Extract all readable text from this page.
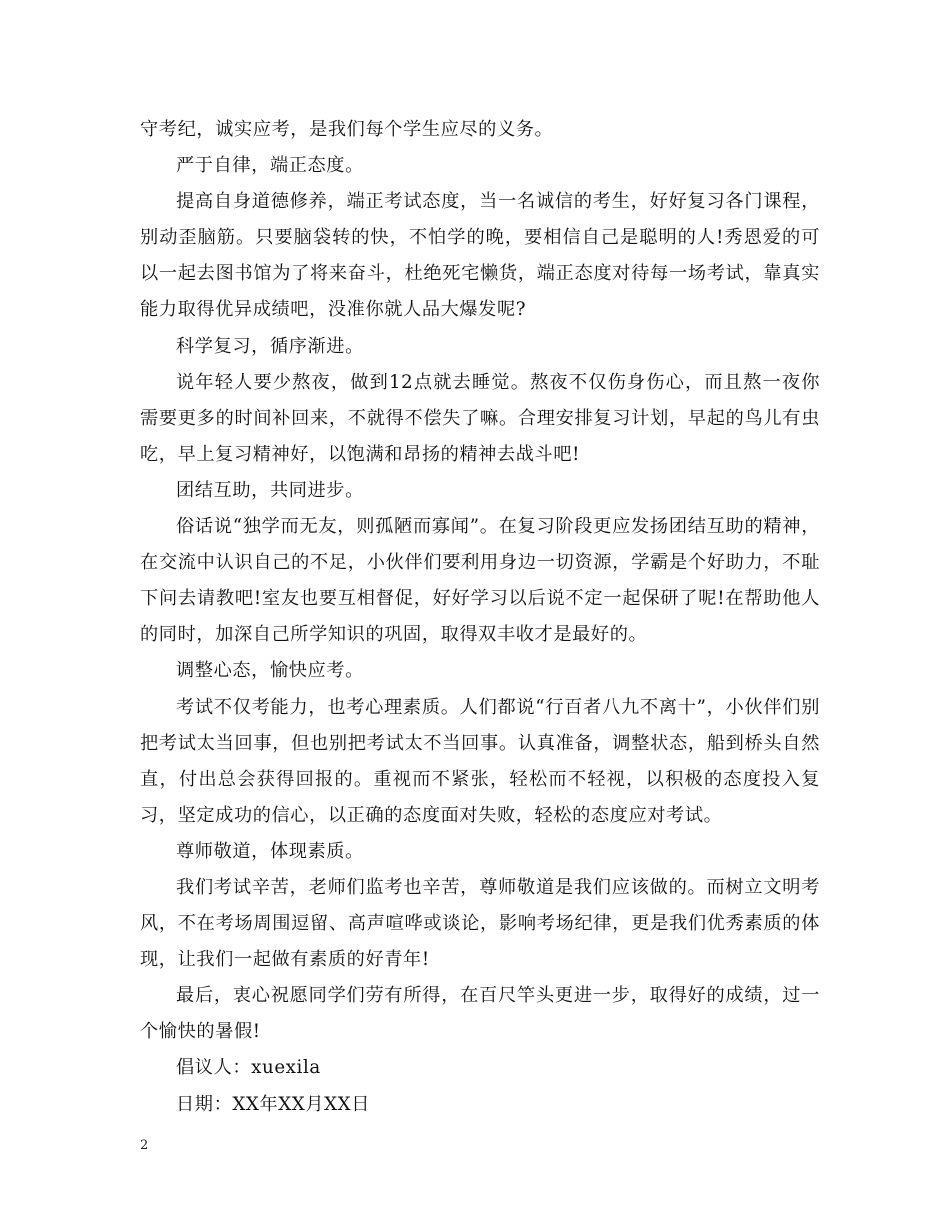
守考纪，诚实应考，是我们每个学生应尽的义务。

严于自律，端正态度。

提高自身道德修养，端正考试态度，当一名诚信的考生，好好复习各门课程，别动歪脑筋。只要脑袋转的快，不怕学的晚，要相信自己是聪明的人!秀恩爱的可以一起去图书馆为了将来奋斗，杜绝死宅懒货，端正态度对待每一场考试，靠真实能力取得优异成绩吧，没准你就人品大爆发呢?

科学复习，循序渐进。

说年轻人要少熬夜，做到12点就去睡觉。熬夜不仅伤身伤心，而且熬一夜你需要更多的时间补回来，不就得不偿失了嘛。合理安排复习计划，早起的鸟儿有虫吃，早上复习精神好，以饱满和昂扬的精神去战斗吧!

团结互助，共同进步。

俗话说“独学而无友，则孤陋而寡闻”。在复习阶段更应发扬团结互助的精神，在交流中认识自己的不足，小伙伴们要利用身边一切资源，学霸是个好助力，不耻下问去请教吧!室友也要互相督促，好好学习以后说不定一起保研了呢!在帮助他人的同时，加深自己所学知识的巩固，取得双丰收才是最好的。

调整心态，愉快应考。

考试不仅考能力，也考心理素质。人们都说“行百者八九不离十”，小伙伴们别把考试太当回事，但也别把考试太不当回事。认真准备，调整状态，船到桥头自然直，付出总会获得回报的。重视而不紧张，轻松而不轻视，以积极的态度投入复习，坚定成功的信心，以正确的态度面对失败，轻松的态度应对考试。

尊师敬道，体现素质。

我们考试辛苦，老师们监考也辛苦，尊师敬道是我们应该做的。而树立文明考风，不在考场周围逗留、高声喧哗或谈论，影响考场纪律，更是我们优秀素质的体现，让我们一起做有素质的好青年!

最后，衷心祝愿同学们劳有所得，在百尺竿头更进一步，取得好的成绩，过一个愉快的暑假!

倡议人：xuexila

日期：XX年XX月XX日

2
